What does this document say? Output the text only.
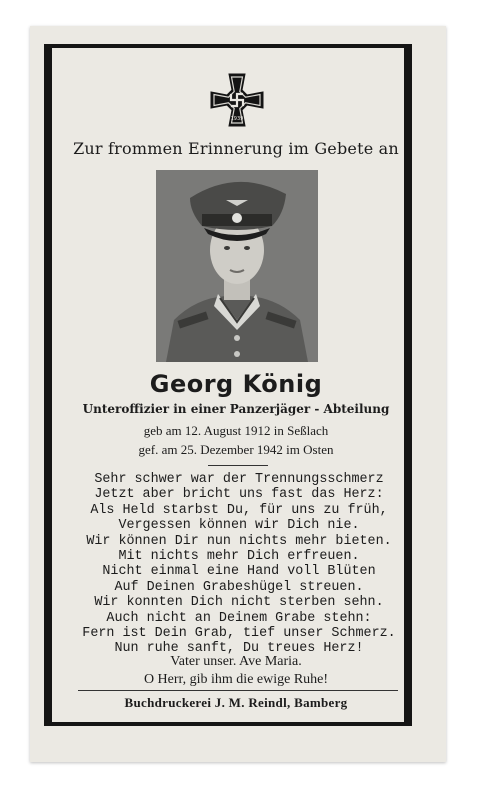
1939
Zur frommen Erinnerung im Gebete an
Georg König
Unteroffizier in einer Panzerjäger - Abteilung
geb am 12. August 1912 in Seßlach
gef. am 25. Dezember 1942 im Osten
Sehr schwer war der Trennungsschmerz
Jetzt aber bricht uns fast das Herz:
Als Held starbst Du, für uns zu früh,
Vergessen können wir Dich nie.
Wir können Dir nun nichts mehr bieten.
Mit nichts mehr Dich erfreuen.
Nicht einmal eine Hand voll Blüten
Auf Deinen Grabeshügel streuen.
Wir konnten Dich nicht sterben sehn.
Auch nicht an Deinem Grabe stehn:
Fern ist Dein Grab, tief unser Schmerz.
Nun ruhe sanft, Du treues Herz!
Vater unser. Ave Maria.
O Herr, gib ihm die ewige Ruhe!
Buchdruckerei J. M. Reindl, Bamberg
